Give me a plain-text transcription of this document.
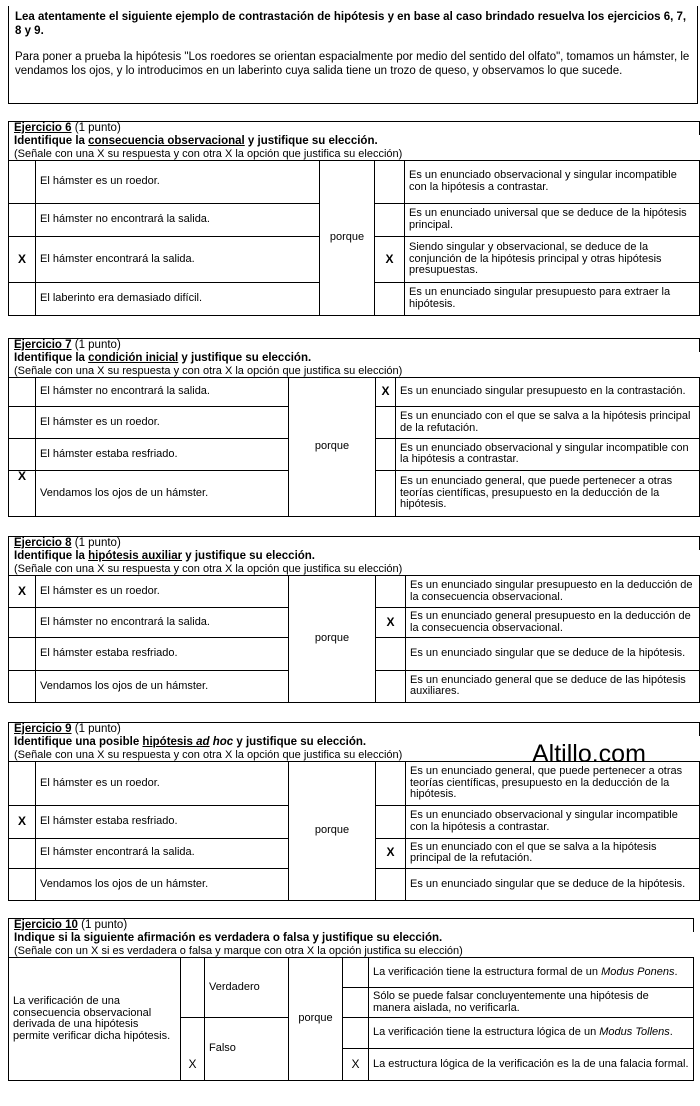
Lea atentamente el siguiente ejemplo de contrastación de hipótesis y en base al caso brindado resuelva los ejercicios 6, 7, 8 y 9.
Para poner a prueba la hipótesis "Los roedores se orientan espacialmente por medio del sentido del olfato", tomamos un hámster, le vendamos los ojos, y lo introducimos en un laberinto cuya salida tiene un trozo de queso, y observamos lo que sucede.
Ejercicio 6 (1 punto)
Identifique la consecuencia observacional y justifique su elección.
(Señale con una X su respuesta y con otra X la opción que justifica su elección)
	El hámster es un roedor.	porque		Es un enunciado observacional y singular incompatible con la hipótesis a contrastar.
	El hámster no encontrará la salida.			Es un enunciado universal que se deduce de la hipótesis principal.
X	El hámster encontrará la salida.		X	Siendo singular y observacional, se deduce de la conjunción de la hipótesis principal y otras hipótesis presupuestas.
	El laberinto era demasiado difícil.			Es un enunciado singular presupuesto para extraer la hipótesis.
Ejercicio 7 (1 punto)
Identifique la condición inicial y justifique su elección.
(Señale con una X su respuesta y con otra X la opción que justifica su elección)
	El hámster no encontrará la salida.	porque	X	Es un enunciado singular presupuesto en la contrastación.
	El hámster es un roedor.			Es un enunciado con el que se salva a la hipótesis principal de la refutación.
	El hámster estaba resfriado.			Es un enunciado observacional y singular incompatible con la hipótesis a contrastar.
X	Vendamos los ojos de un hámster.			Es un enunciado general, que puede pertenecer a otras teorías científicas, presupuesto en la deducción de la hipótesis.
Ejercicio 8 (1 punto)
Identifique la hipótesis auxiliar y justifique su elección.
(Señale con una X su respuesta y con otra X la opción que justifica su elección)
X	El hámster es un roedor.	porque		Es un enunciado singular presupuesto en la deducción de la consecuencia observacional.
	El hámster no encontrará la salida.		X	Es un enunciado general presupuesto en la deducción de la consecuencia observacional.
	El hámster estaba resfriado.			Es un enunciado singular que se deduce de la hipótesis.
	Vendamos los ojos de un hámster.			Es un enunciado general que se deduce de las hipótesis auxiliares.
Ejercicio 9 (1 punto)
Identifique una posible hipótesis ad hoc y justifique su elección.
(Señale con una X su respuesta y con otra X la opción que justifica su elección)
	El hámster es un roedor.	porque		Es un enunciado general, que puede pertenecer a otras teorías científicas, presupuesto en la deducción de la hipótesis.
X	El hámster estaba resfriado.			Es un enunciado observacional y singular incompatible con la hipótesis a contrastar.
	El hámster encontrará la salida.		X	Es un enunciado con el que se salva a la hipótesis principal de la refutación.
	Vendamos los ojos de un hámster.			Es un enunciado singular que se deduce de la hipótesis.
Altillo.com
Ejercicio 10 (1 punto)
Indique si la siguiente afirmación es verdadera o falsa y justifique su elección.
(Señale con un X si es verdadera o falsa y marque con otra X la opción justifica su elección)
La verificación de una consecuencia observacional derivada de una hipótesis permite verificar dicha hipótesis.		Verdadero	porque		La verificación tiene la estructura formal de un Modus Ponens.
					Sólo se puede falsar concluyentemente una hipótesis de manera aislada, no verificarla.
	X	Falso			La verificación tiene la estructura lógica de un Modus Tollens.
				X	La estructura lógica de la verificación es la de una falacia formal.
